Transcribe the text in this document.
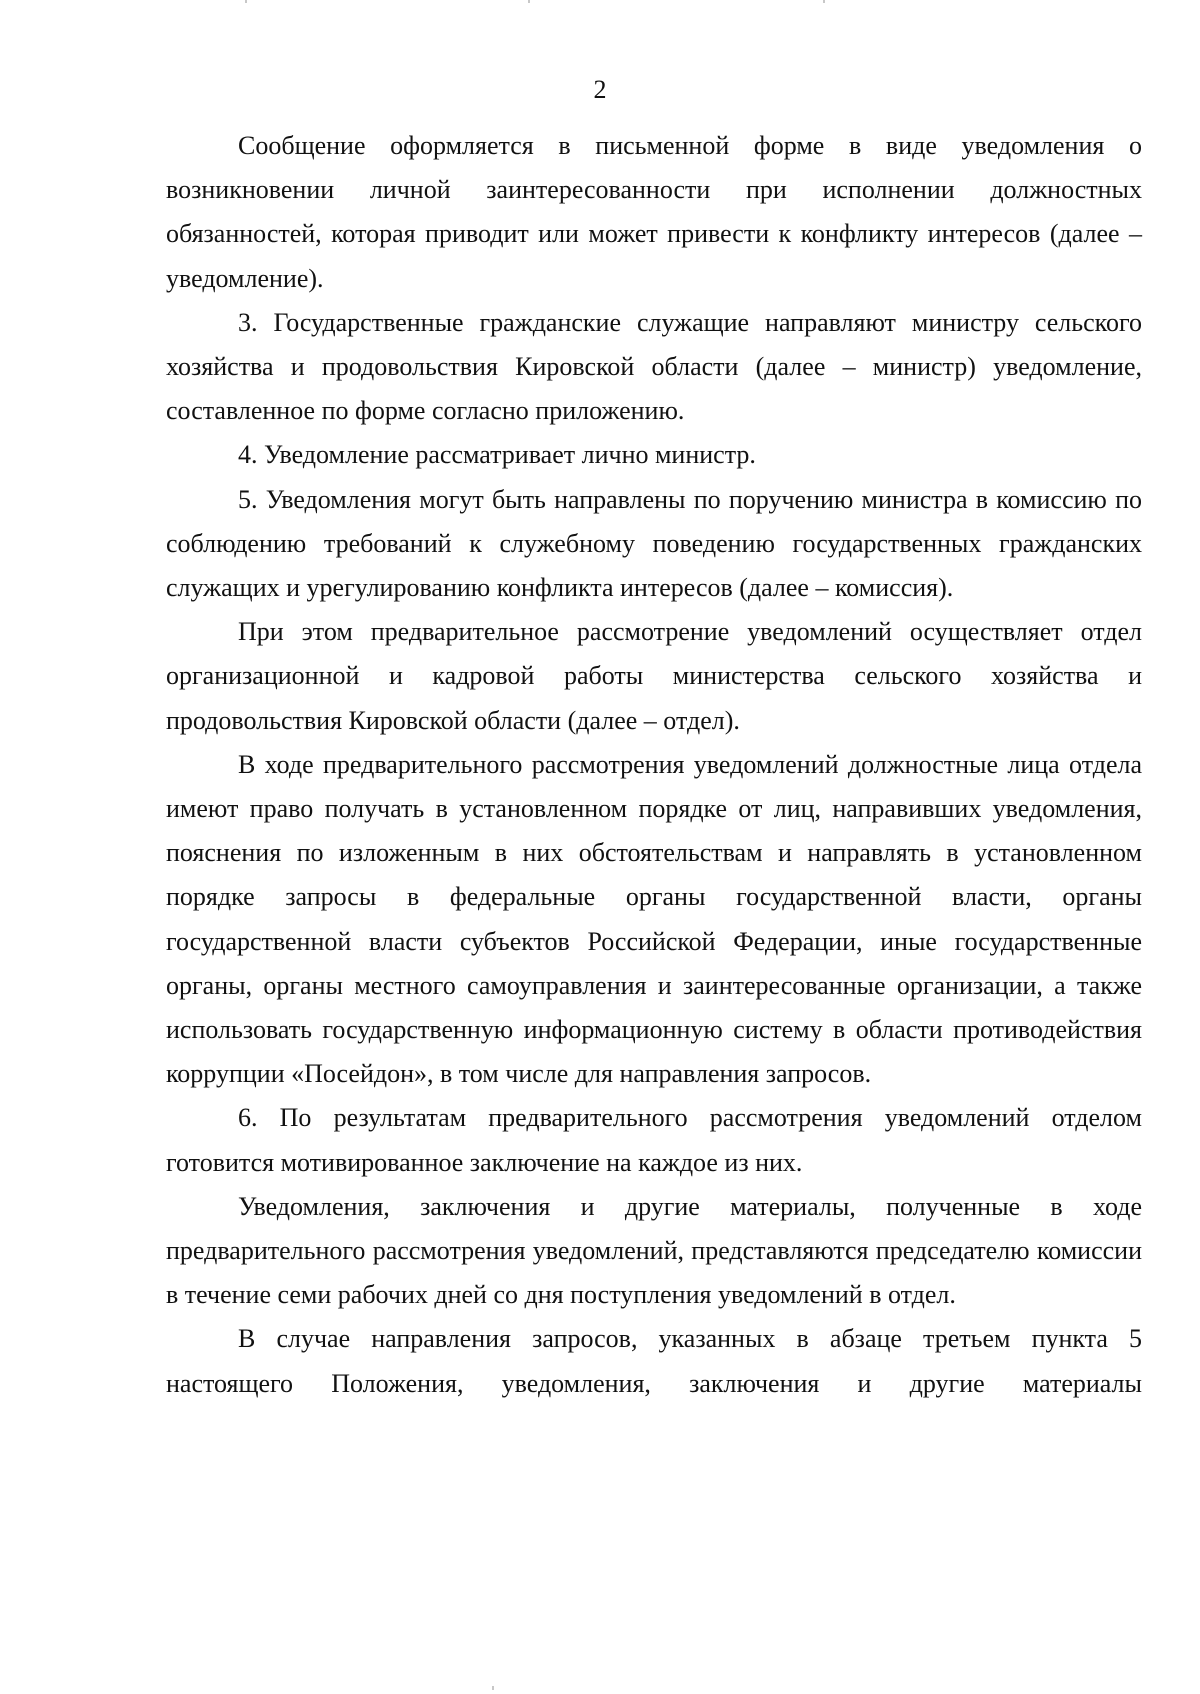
2

Сообщение оформляется в письменной форме в виде уведомления о возникновении личной заинтересованности при исполнении должностных обязанностей, которая приводит или может привести к конфликту интересов (далее – уведомление).

3. Государственные гражданские служащие направляют министру сельского хозяйства и продовольствия Кировской области (далее – министр) уведомление, составленное по форме согласно приложению.

4. Уведомление рассматривает лично министр.

5. Уведомления могут быть направлены по поручению министра в комиссию по соблюдению требований к служебному поведению государственных гражданских служащих и урегулированию конфликта интересов (далее – комиссия).

При этом предварительное рассмотрение уведомлений осуществляет отдел организационной и кадровой работы министерства сельского хозяйства и продовольствия Кировской области (далее – отдел).

В ходе предварительного рассмотрения уведомлений должностные лица отдела имеют право получать в установленном порядке от лиц, направивших уведомления, пояснения по изложенным в них обстоятельствам и направлять в установленном порядке запросы в федеральные органы государственной власти, органы государственной власти субъектов Российской Федерации, иные государственные органы, органы местного самоуправления и заинтересованные организации, а также использовать государственную информационную систему в области противодействия коррупции «Посейдон», в том числе для направления запросов.

6. По результатам предварительного рассмотрения уведомлений отделом готовится мотивированное заключение на каждое из них.

Уведомления, заключения и другие материалы, полученные в ходе предварительного рассмотрения уведомлений, представляются председателю комиссии в течение семи рабочих дней со дня поступления уведомлений в отдел.

В случае направления запросов, указанных в абзаце третьем пункта 5 настоящего Положения, уведомления, заключения и другие материалы
